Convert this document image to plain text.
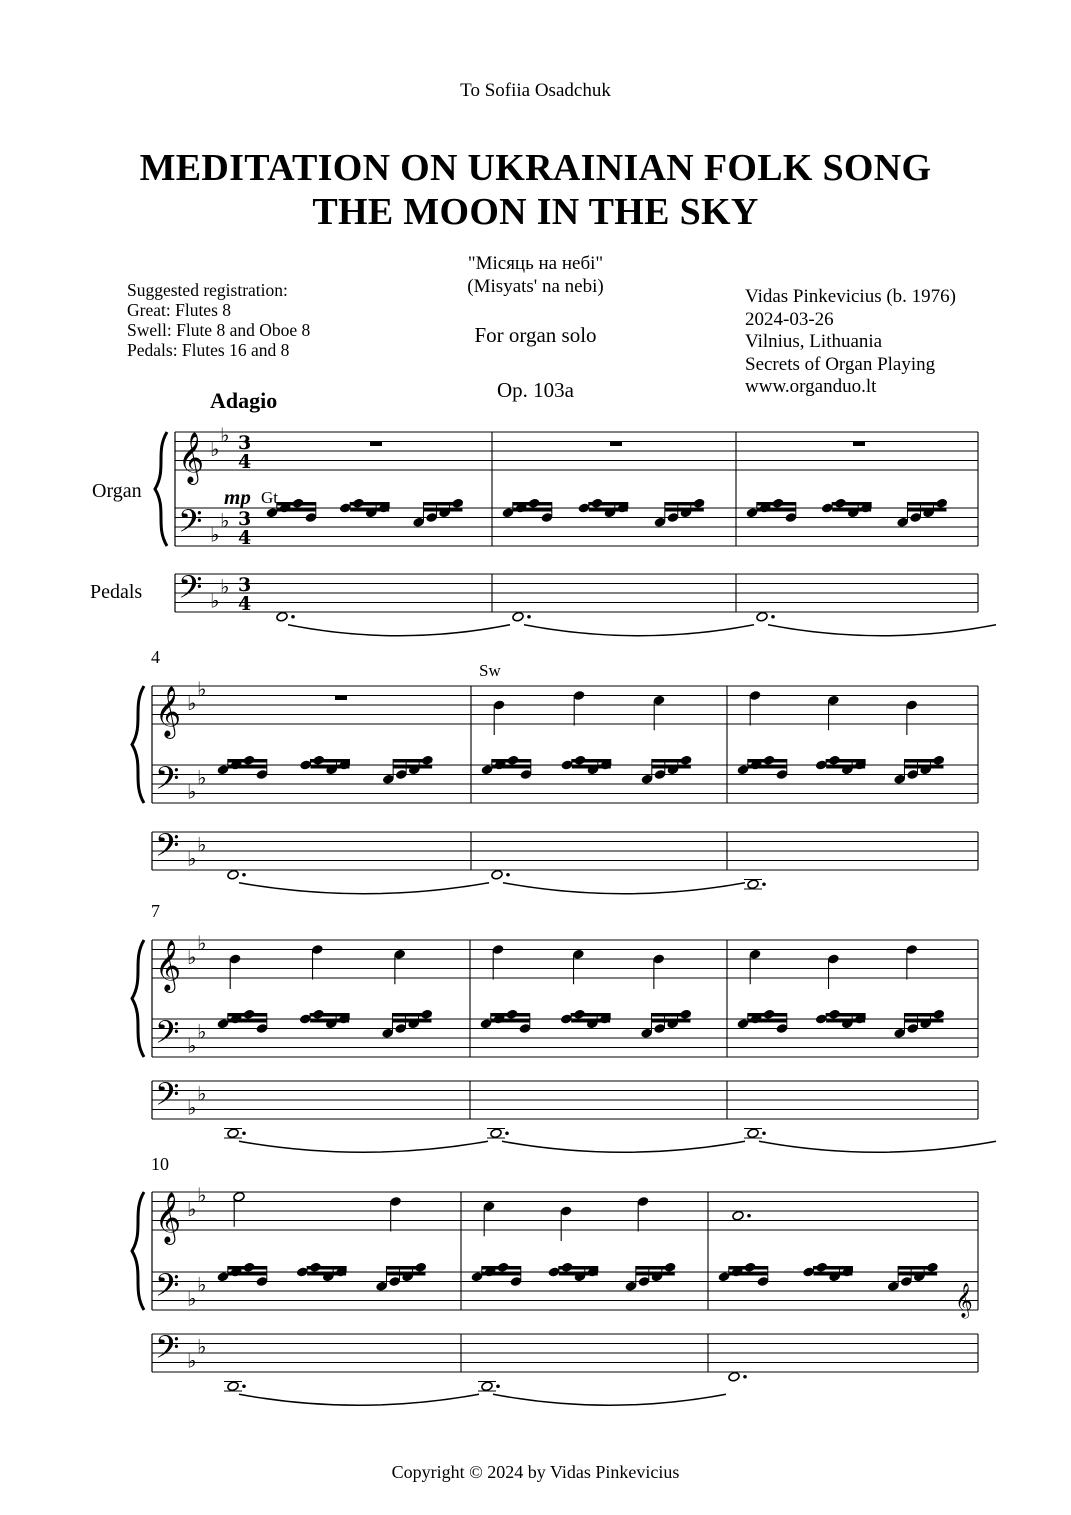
To Sofiia Osadchuk
MEDITATION ON UKRAINIAN FOLK SONG
THE MOON IN THE SKY
"Місяць на небі"
(Misyats' na nebi)
For organ solo
Op. 103a
Suggested registration:
Great: Flutes 8
Swell: Flute 8 and Oboe 8
Pedals: Flutes 16 and 8
Vidas Pinkevicius (b. 1976)
2024-03-26
Vilnius, Lithuania
Secrets of Organ Playing
www.organduo.lt
Adagio
𝄞
𝄢
𝄢
♭
♭
♭
♭
♭
♭
3
4
3
4
3
4
𝄞
𝄢
𝄢
♭
♭
♭
♭
♭
♭
𝄞
𝄢
𝄢
♭
♭
♭
♭
♭
♭
𝄞
𝄢
𝄢
♭
♭
♭
♭
♭
♭
𝄞
Organ
Pedals
mp Gt
Sw
4
7
10
Copyright © 2024 by Vidas Pinkevicius
